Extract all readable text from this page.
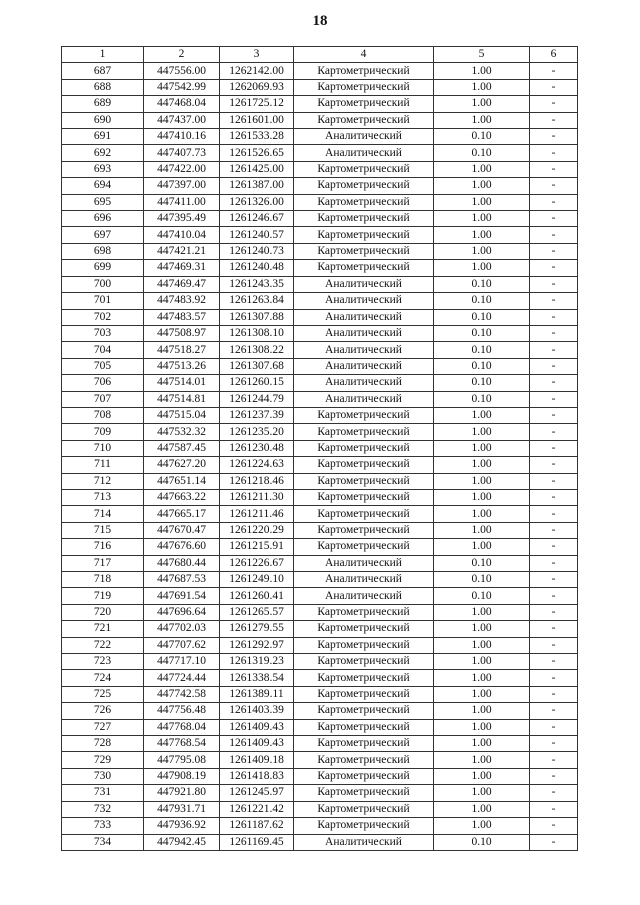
18
1	2	3	4	5	6
687	447556.00	1262142.00	Картометрический	1.00	-
688	447542.99	1262069.93	Картометрический	1.00	-
689	447468.04	1261725.12	Картометрический	1.00	-
690	447437.00	1261601.00	Картометрический	1.00	-
691	447410.16	1261533.28	Аналитический	0.10	-
692	447407.73	1261526.65	Аналитический	0.10	-
693	447422.00	1261425.00	Картометрический	1.00	-
694	447397.00	1261387.00	Картометрический	1.00	-
695	447411.00	1261326.00	Картометрический	1.00	-
696	447395.49	1261246.67	Картометрический	1.00	-
697	447410.04	1261240.57	Картометрический	1.00	-
698	447421.21	1261240.73	Картометрический	1.00	-
699	447469.31	1261240.48	Картометрический	1.00	-
700	447469.47	1261243.35	Аналитический	0.10	-
701	447483.92	1261263.84	Аналитический	0.10	-
702	447483.57	1261307.88	Аналитический	0.10	-
703	447508.97	1261308.10	Аналитический	0.10	-
704	447518.27	1261308.22	Аналитический	0.10	-
705	447513.26	1261307.68	Аналитический	0.10	-
706	447514.01	1261260.15	Аналитический	0.10	-
707	447514.81	1261244.79	Аналитический	0.10	-
708	447515.04	1261237.39	Картометрический	1.00	-
709	447532.32	1261235.20	Картометрический	1.00	-
710	447587.45	1261230.48	Картометрический	1.00	-
711	447627.20	1261224.63	Картометрический	1.00	-
712	447651.14	1261218.46	Картометрический	1.00	-
713	447663.22	1261211.30	Картометрический	1.00	-
714	447665.17	1261211.46	Картометрический	1.00	-
715	447670.47	1261220.29	Картометрический	1.00	-
716	447676.60	1261215.91	Картометрический	1.00	-
717	447680.44	1261226.67	Аналитический	0.10	-
718	447687.53	1261249.10	Аналитический	0.10	-
719	447691.54	1261260.41	Аналитический	0.10	-
720	447696.64	1261265.57	Картометрический	1.00	-
721	447702.03	1261279.55	Картометрический	1.00	-
722	447707.62	1261292.97	Картометрический	1.00	-
723	447717.10	1261319.23	Картометрический	1.00	-
724	447724.44	1261338.54	Картометрический	1.00	-
725	447742.58	1261389.11	Картометрический	1.00	-
726	447756.48	1261403.39	Картометрический	1.00	-
727	447768.04	1261409.43	Картометрический	1.00	-
728	447768.54	1261409.43	Картометрический	1.00	-
729	447795.08	1261409.18	Картометрический	1.00	-
730	447908.19	1261418.83	Картометрический	1.00	-
731	447921.80	1261245.97	Картометрический	1.00	-
732	447931.71	1261221.42	Картометрический	1.00	-
733	447936.92	1261187.62	Картометрический	1.00	-
734	447942.45	1261169.45	Аналитический	0.10	-
